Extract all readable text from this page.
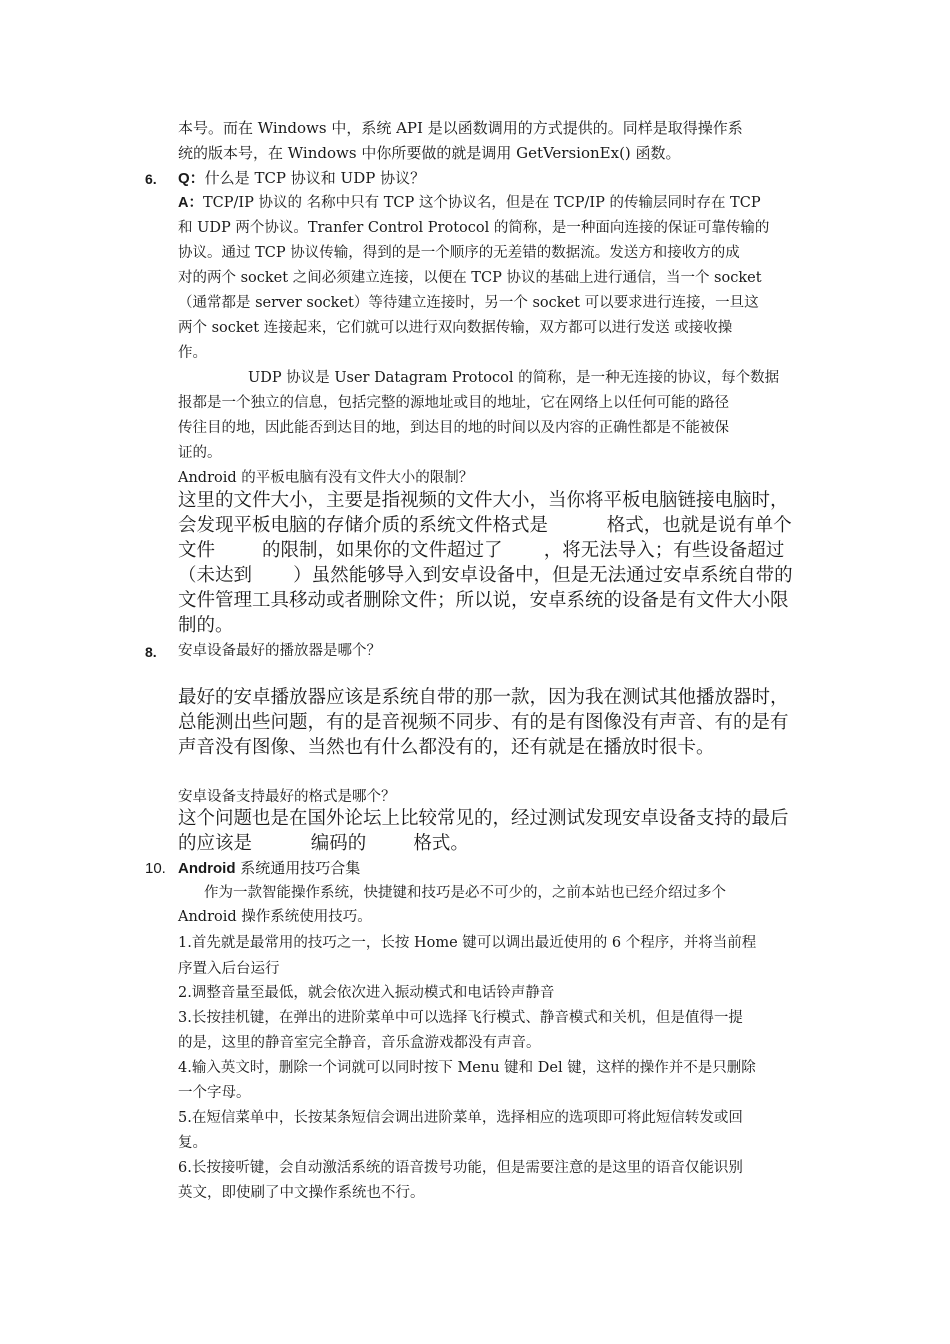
本号。而在 Windows 中，系统 API 是以函数调用的方式提供的。同样是取得操作系
统的版本号，在 Windows 中你所要做的就是调用 GetVersionEx() 函数。
6. Q：什么是 TCP 协议和 UDP 协议？
A：TCP/IP 协议的 名称中只有 TCP 这个协议名，但是在 TCP/IP 的传输层同时存在 TCP
和 UDP 两个协议。Tranfer Control Protocol 的简称，是一种面向连接的保证可靠传输的
协议。通过 TCP 协议传输，得到的是一个顺序的无差错的数据流。发送方和接收方的成
对的两个 socket 之间必须建立连接，以便在 TCP 协议的基础上进行通信，当一个 socket
（通常都是 server socket）等待建立连接时，另一个 socket 可以要求进行连接，一旦这
两个 socket 连接起来，它们就可以进行双向数据传输，双方都可以进行发送 或接收操
作。
UDP 协议是 User Datagram Protocol 的简称，是一种无连接的协议，每个数据
报都是一个独立的信息，包括完整的源地址或目的地址，它在网络上以任何可能的路径
传往目的地，因此能否到达目的地，到达目的地的时间以及内容的正确性都是不能被保
证的。
Android 的平板电脑有没有文件大小的限制？
这里的文件大小，主要是指视频的文件大小，当你将平板电脑链接电脑时，
会发现平板电脑的存储介质的系统文件格式是          格式，也就是说有单个
文件        的限制，如果你的文件超过了       ，将无法导入；有些设备超过
（未达到       ）虽然能够导入到安卓设备中，但是无法通过安卓系统自带的
文件管理工具移动或者删除文件；所以说，安卓系统的设备是有文件大小限
制的。
8. 安卓设备最好的播放器是哪个？
最好的安卓播放器应该是系统自带的那一款，因为我在测试其他播放器时，
总能测出些问题，有的是音视频不同步、有的是有图像没有声音、有的是有
声音没有图像、当然也有什么都没有的，还有就是在播放时很卡。
安卓设备支持最好的格式是哪个？
这个问题也是在国外论坛上比较常见的，经过测试发现安卓设备支持的最后
的应该是          编码的        格式。
10. Android 系统通用技巧合集
作为一款智能操作系统，快捷键和技巧是必不可少的，之前本站也已经介绍过多个
Android 操作系统使用技巧。
1.首先就是最常用的技巧之一，长按 Home 键可以调出最近使用的 6 个程序，并将当前程
序置入后台运行
2.调整音量至最低，就会依次进入振动模式和电话铃声静音
3.长按挂机键，在弹出的进阶菜单中可以选择飞行模式、静音模式和关机，但是值得一提
的是，这里的静音室完全静音，音乐盒游戏都没有声音。
4.输入英文时，删除一个词就可以同时按下 Menu 键和 Del 键，这样的操作并不是只删除
一个字母。
5.在短信菜单中，长按某条短信会调出进阶菜单，选择相应的选项即可将此短信转发或回
复。
6.长按接听键，会自动激活系统的语音拨号功能，但是需要注意的是这里的语音仅能识别
英文，即使刷了中文操作系统也不行。
